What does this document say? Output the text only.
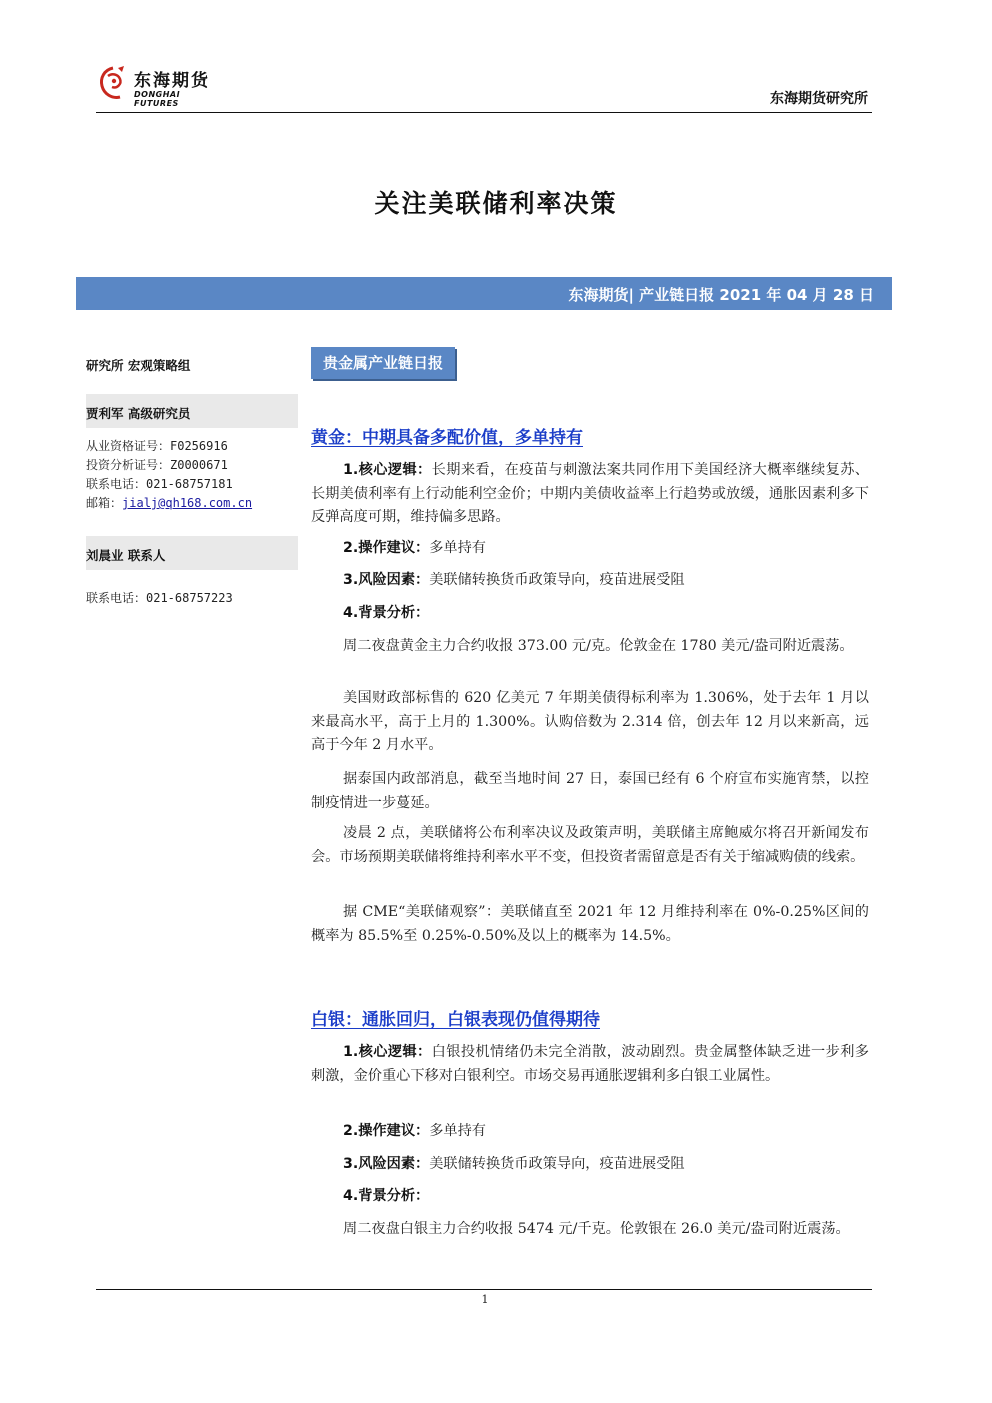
东海期货
DONGHAI FUTURES	东海期货研究所
关注美联储利率决策
东海期货| 产业链日报 2021 年 04 月 28 日
研究所 宏观策略组
贾利军 高级研究员
从业资格证号：F0256916
投资分析证号：Z0000671
联系电话：021-68757181
邮箱：jialj@qh168.com.cn
刘晨业 联系人
联系电话：021-68757223
贵金属产业链日报
黄金：中期具备多配价值，多单持有
1.核心逻辑：长期来看，在疫苗与刺激法案共同作用下美国经济大概率继续复苏、长期美债利率有上行动能利空金价；中期内美债收益率上行趋势或放缓，通胀因素利多下反弹高度可期，维持偏多思路。
2.操作建议：多单持有
3.风险因素：美联储转换货币政策导向，疫苗进展受阻
4.背景分析：
周二夜盘黄金主力合约收报 373.00 元/克。伦敦金在 1780 美元/盎司附近震荡。
美国财政部标售的 620 亿美元 7 年期美债得标利率为 1.306%，处于去年 1 月以来最高水平，高于上月的 1.300%。认购倍数为 2.314 倍，创去年 12 月以来新高，远高于今年 2 月水平。
据泰国内政部消息，截至当地时间 27 日，泰国已经有 6 个府宣布实施宵禁，以控制疫情进一步蔓延。
凌晨 2 点，美联储将公布利率决议及政策声明，美联储主席鲍威尔将召开新闻发布会。市场预期美联储将维持利率水平不变，但投资者需留意是否有关于缩减购债的线索。
据 CME“美联储观察”：美联储直至 2021 年 12 月维持利率在 0%-0.25%区间的概率为 85.5%至 0.25%-0.50%及以上的概率为 14.5%。
白银：通胀回归，白银表现仍值得期待
1.核心逻辑：白银投机情绪仍未完全消散，波动剧烈。贵金属整体缺乏进一步利多刺激，金价重心下移对白银利空。市场交易再通胀逻辑利多白银工业属性。
2.操作建议：多单持有
3.风险因素：美联储转换货币政策导向，疫苗进展受阻
4.背景分析：
周二夜盘白银主力合约收报 5474 元/千克。伦敦银在 26.0 美元/盎司附近震荡。
1
